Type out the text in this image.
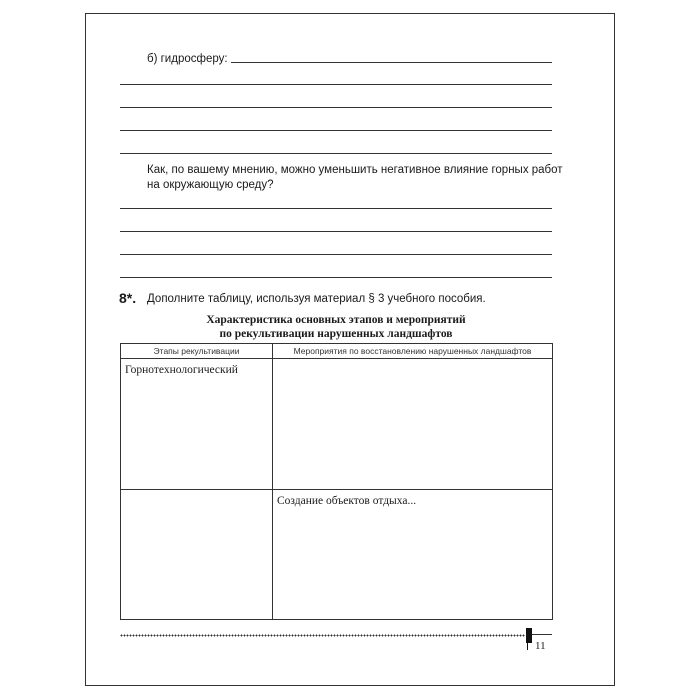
б) гидросферу:
Как, по вашему мнению, можно уменьшить негативное влияние горных работ
на окружающую среду?
8*. Дополните таблицу, используя материал § 3 учебного пособия.
Характеристика основных этапов и мероприятий
по рекультивации нарушенных ландшафтов
Этапы рекультивации	Мероприятия по восстановлению нарушенных ландшафтов

Горнотехнологический	

	Создание объектов отдыха...
11
